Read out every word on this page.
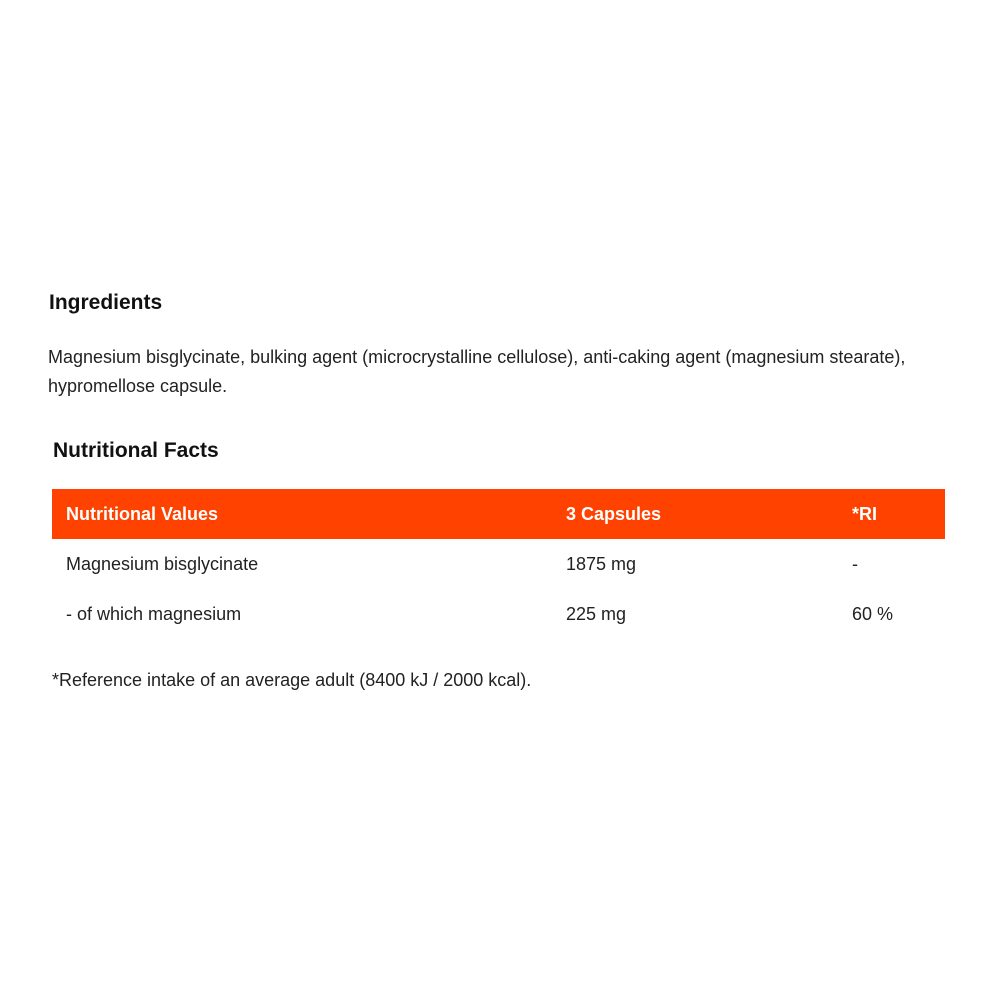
Ingredients

Magnesium bisglycinate, bulking agent (microcrystalline cellulose), anti-caking agent (magnesium stearate), hypromellose capsule.

Nutritional Facts
Nutritional Values	3 Capsules	*RI
Magnesium bisglycinate	1875 mg	-
- of which magnesium	225 mg	60 %

*Reference intake of an average adult (8400 kJ / 2000 kcal).
